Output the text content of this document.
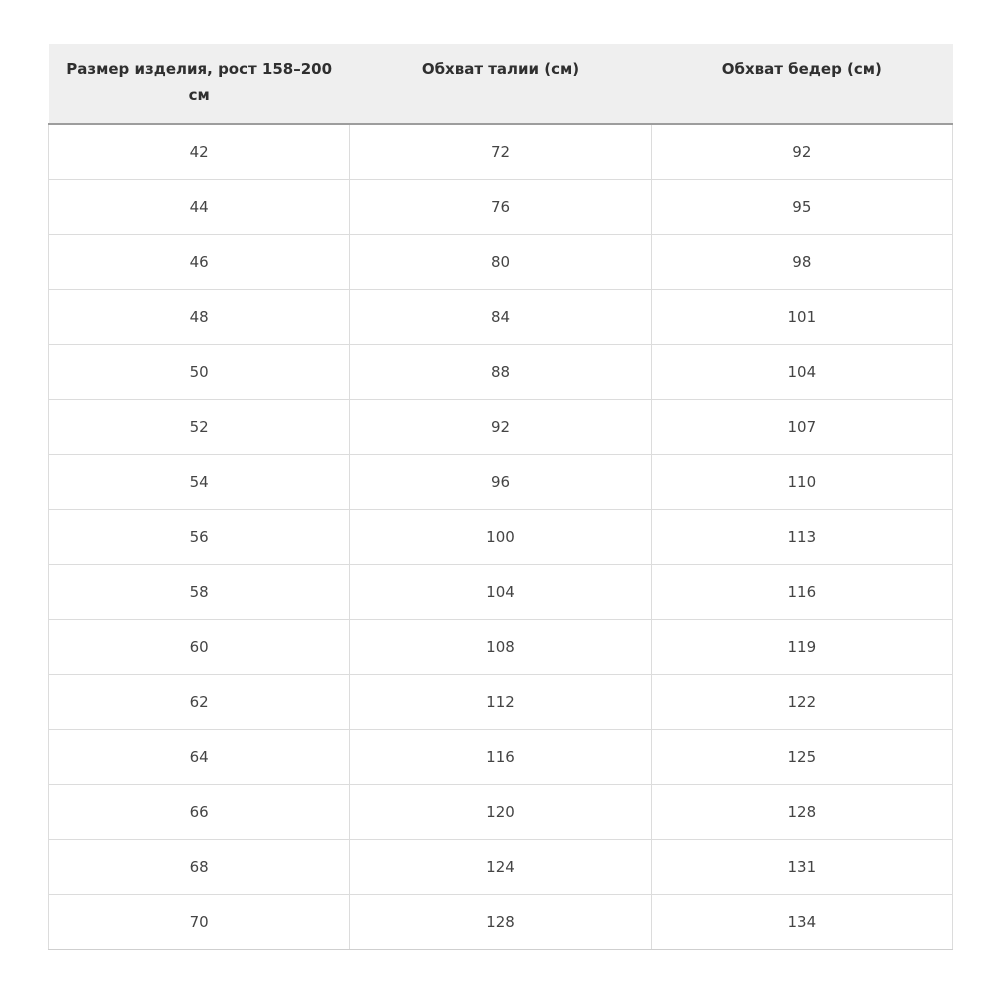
Размер изделия, рост 158–200 см	Обхват талии (см)	Обхват бедер (см)
42	72	92
44	76	95
46	80	98
48	84	101
50	88	104
52	92	107
54	96	110
56	100	113
58	104	116
60	108	119
62	112	122
64	116	125
66	120	128
68	124	131
70	128	134
